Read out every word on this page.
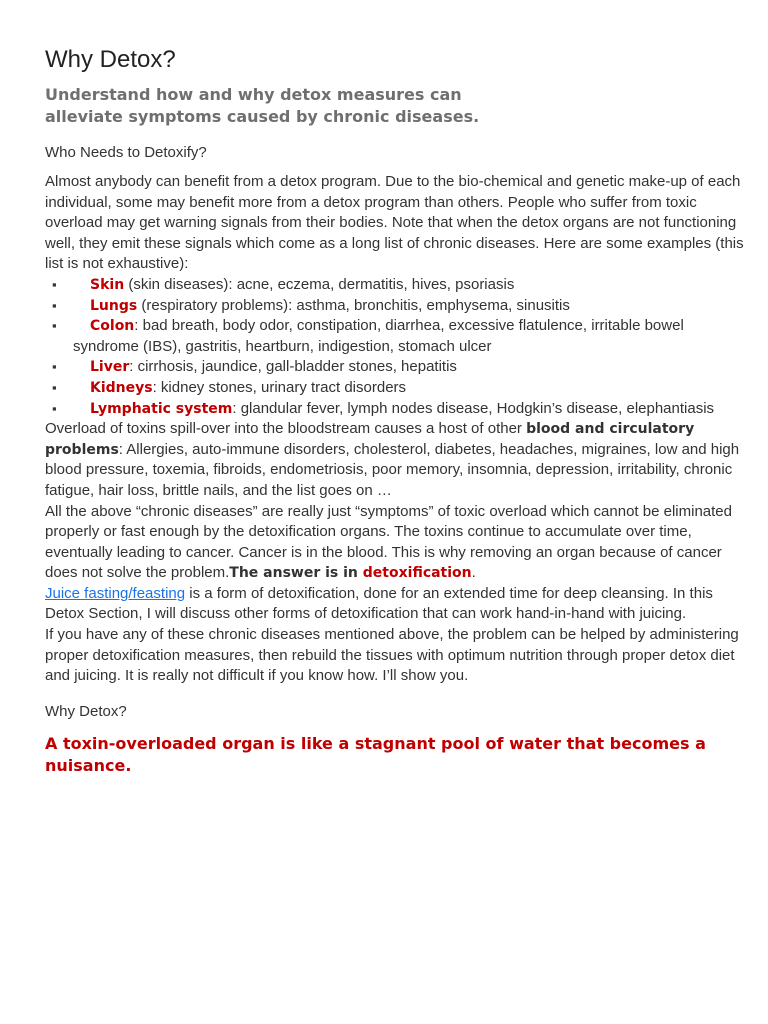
Why Detox?
Understand how and why detox measures can
alleviate symptoms caused by chronic diseases.
Who Needs to Detoxify?

Almost anybody can benefit from a detox program. Due to the bio-chemical and genetic make-up of each individual, some may benefit more from a detox program than others. People who suffer from toxic overload may get warning signals from their bodies. Note that when the detox organs are not functioning well, they emit these signals which come as a long list of chronic diseases. Here are some examples (this list is not exhaustive):

▪ Skin (skin diseases): acne, eczema, dermatitis, hives, psoriasis
▪ Lungs (respiratory problems): asthma, bronchitis, emphysema, sinusitis
▪ Colon: bad breath, body odor, constipation, diarrhea, excessive flatulence, irritable bowel syndrome (IBS), gastritis, heartburn, indigestion, stomach ulcer
▪ Liver: cirrhosis, jaundice, gall-bladder stones, hepatitis
▪ Kidneys: kidney stones, urinary tract disorders
▪ Lymphatic system: glandular fever, lymph nodes disease, Hodgkin’s disease, elephantiasis

Overload of toxins spill-over into the bloodstream causes a host of other blood and circulatory problems: Allergies, auto-immune disorders, cholesterol, diabetes, headaches, migraines, low and high blood pressure, toxemia, fibroids, endometriosis, poor memory, insomnia, depression, irritability, chronic fatigue, hair loss, brittle nails, and the list goes on …

All the above “chronic diseases” are really just “symptoms” of toxic overload which cannot be eliminated properly or fast enough by the detoxification organs. The toxins continue to accumulate over time, eventually leading to cancer. Cancer is in the blood. This is why removing an organ because of cancer does not solve the problem.The answer is in detoxification.

Juice fasting/feasting is a form of detoxification, done for an extended time for deep cleansing. In this Detox Section, I will discuss other forms of detoxification that can work hand-in-hand with juicing.

If you have any of these chronic diseases mentioned above, the problem can be helped by administering proper detoxification measures, then rebuild the tissues with optimum nutrition through proper detox diet and juicing. It is really not difficult if you know how. I’ll show you.

Why Detox?

A toxin-overloaded organ is like a stagnant pool of water that becomes a nuisance.
